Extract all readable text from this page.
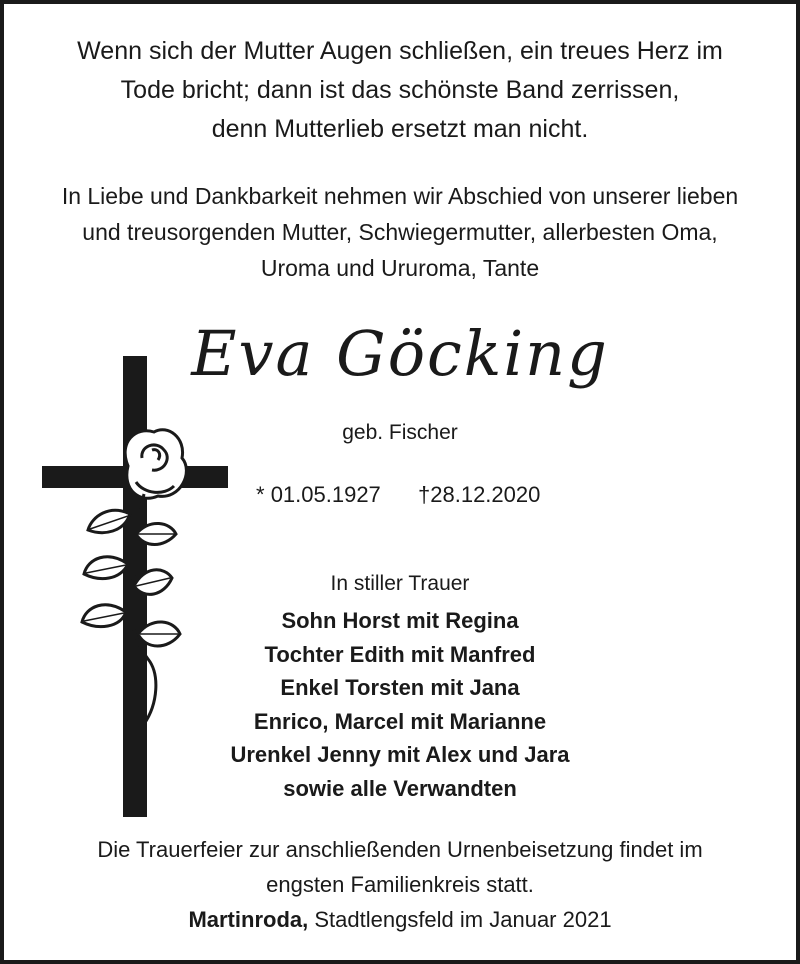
Wenn sich der Mutter Augen schließen, ein treues Herz im
Tode bricht; dann ist das schönste Band zerrissen,
denn Mutterlieb ersetzt man nicht.
In Liebe und Dankbarkeit nehmen wir Abschied von unserer lieben
und treusorgenden Mutter, Schwiegermutter, allerbesten Oma,
Uroma und Ururoma, Tante
Eva Göcking
geb. Fischer
* 01.05.1927 †28.12.2020
In stiller Trauer
Sohn Horst mit Regina
Tochter Edith mit Manfred
Enkel Torsten mit Jana
Enrico, Marcel mit Marianne
Urenkel Jenny mit Alex und Jara
sowie alle Verwandten
Die Trauerfeier zur anschließenden Urnenbeisetzung findet im
engsten Familienkreis statt.
Martinroda, Stadtlengsfeld im Januar 2021
